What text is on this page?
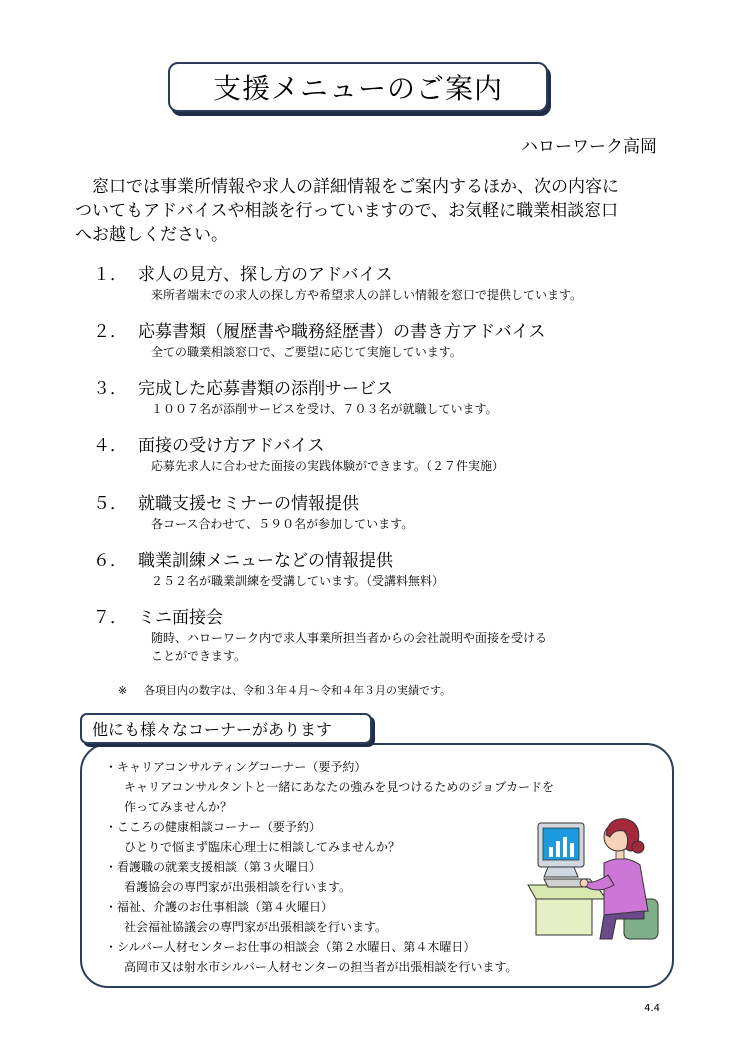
支援メニューのご案内
ハローワーク高岡
窓口では事業所情報や求人の詳細情報をご案内するほか、次の内容に
ついてもアドバイスや相談を行っていますので、お気軽に職業相談窓口
へお越しください。
１． 求人の見方、探し方のアドバイス
来所者端末での求人の探し方や希望求人の詳しい情報を窓口で提供しています。
２． 応募書類（履歴書や職務経歴書）の書き方アドバイス
全ての職業相談窓口で、ご要望に応じて実施しています。
３． 完成した応募書類の添削サービス
１００７名が添削サービスを受け、７０３名が就職しています。
４． 面接の受け方アドバイス
応募先求人に合わせた面接の実践体験ができます。（２７件実施）
５． 就職支援セミナーの情報提供
各コース合わせて、５９０名が参加しています。
６． 職業訓練メニューなどの情報提供
２５２名が職業訓練を受講しています。（受講料無料）
７． ミニ面接会
随時、ハローワーク内で求人事業所担当者からの会社説明や面接を受ける
ことができます。
※ 各項目内の数字は、令和３年４月～令和４年３月の実績です。
他にも様々なコーナーがあります
・キャリアコンサルティングコーナー（要予約）
キャリアコンサルタントと一緒にあなたの強みを見つけるためのジョブカードを
作ってみませんか？
・こころの健康相談コーナー（要予約）
ひとりで悩まず臨床心理士に相談してみませんか？
・看護職の就業支援相談（第３火曜日）
看護協会の専門家が出張相談を行います。
・福祉、介護のお仕事相談（第４火曜日）
社会福祉協議会の専門家が出張相談を行います。
・シルバー人材センターお仕事の相談会（第２水曜日、第４木曜日）
高岡市又は射水市シルバー人材センターの担当者が出張相談を行います。
4.4
